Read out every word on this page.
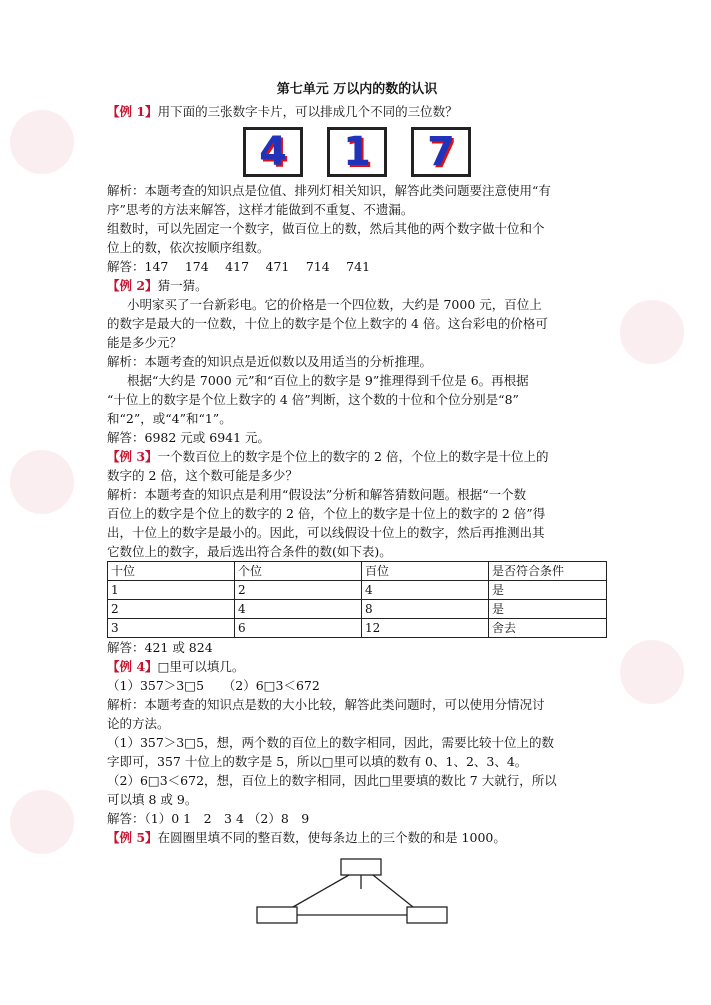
第七单元 万以内的数的认识
【例 1】用下面的三张数字卡片，可以排成几个不同的三位数？
4	1	7
解析：本题考查的知识点是位值、排列灯相关知识，解答此类问题要注意使用“有
序”思考的方法来解答，这样才能做到不重复、不遗漏。
组数时，可以先固定一个数字，做百位上的数，然后其他的两个数字做十位和个
位上的数，依次按顺序组数。
解答：147　 174　 417　 471　 714　 741
【例 2】猜一猜。
小明家买了一台新彩电。它的价格是一个四位数，大约是 7000 元，百位上
的数字是最大的一位数，十位上的数字是个位上数字的 4 倍。这台彩电的价格可
能是多少元？
解析：本题考查的知识点是近似数以及用适当的分析推理。
根据“大约是 7000 元”和“百位上的数字是 9”推理得到千位是 6。再根据
“十位上的数字是个位上数字的 4 倍”判断，这个数的十位和个位分别是“8”
和“2”，或“4”和“1”。
解答：6982 元或 6941 元。
【例 3】一个数百位上的数字是个位上的数字的 2 倍，个位上的数字是十位上的
数字的 2 倍，这个数可能是多少？
解析：本题考查的知识点是利用“假设法”分析和解答猜数问题。根据“一个数
百位上的数字是个位上的数字的 2 倍，个位上的数字是十位上的数字的 2 倍”得
出，十位上的数字是最小的。因此，可以线假设十位上的数字，然后再推测出其
它数位上的数字，最后选出符合条件的数(如下表)。
十位	个位	百位	是否符合条件
1	2	4	是
2	4	8	是
3	6	12	舍去
解答：421 或 824
【例 4】□里可以填几。
（1）357＞3□5　　（2）6□3＜672
解析：本题考查的知识点是数的大小比较，解答此类问题时，可以使用分情况讨
论的方法。
（1）357＞3□5，想，两个数的百位上的数字相同，因此，需要比较十位上的数
字即可，357 十位上的数字是 5，所以□里可以填的数有 0、1、2、3、4。
（2）6□3＜672，想，百位上的数字相同，因此□里要填的数比 7 大就行，所以
可以填 8 或 9。
解答：（1）0 1　2　3 4 （2）8　9
【例 5】在圆圈里填不同的整百数，使每条边上的三个数的和是 1000。
